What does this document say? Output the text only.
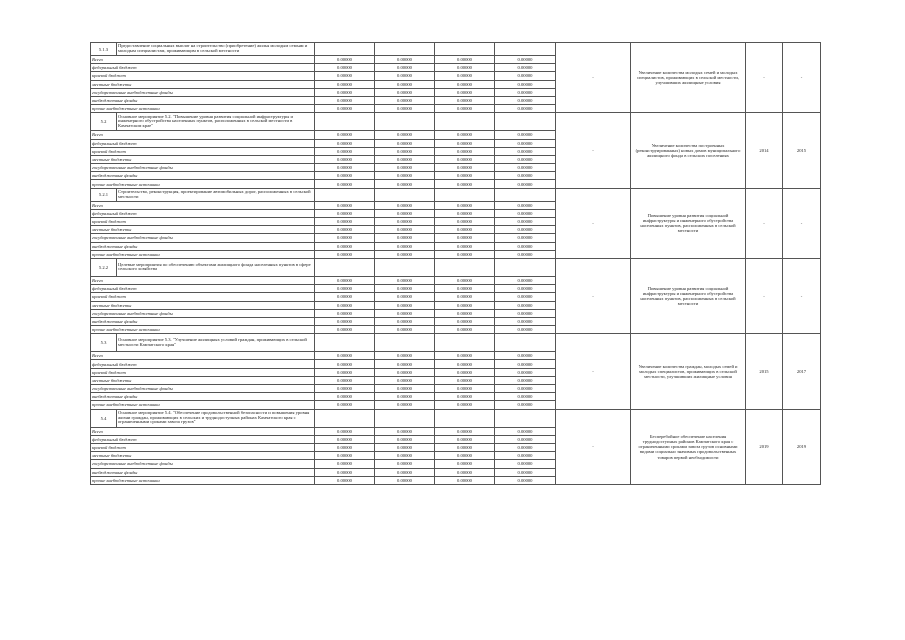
5.1.3	Предоставление социальных выплат на строительство (приобретение) жилья молодым семьям и молодым специалистам, проживающим в сельской местности					-	Увеличение количества молодых семей и молодых специалистов, проживающих в сельской местности, улучшивших жилищные условия	-	-
Всего		0.00000	0.00000	0.00000	0.00000				
федеральный бюджет		0.00000	0.00000	0.00000	0.00000				
краевой бюджет		0.00000	0.00000	0.00000	0.00000				
местные бюджеты		0.00000	0.00000	0.00000	0.00000				
государственные внебюджетные фонды		0.00000	0.00000	0.00000	0.00000				
внебюджетные фонды		0.00000	0.00000	0.00000	0.00000				
прочие внебюджетные источники		0.00000	0.00000	0.00000	0.00000				
5.2	Основное мероприятие 5.2. "Повышение уровня развития социальной инфраструктуры и инженерного обустройства населенных пунктов, расположенных в сельской местности в Камчатском крае"					-	Увеличение количества построенных (реконструированных) новых домов муниципального жилищного фонда в сельских поселениях	2014	2015
Всего		0.00000	0.00000	0.00000	0.00000				
федеральный бюджет		0.00000	0.00000	0.00000	0.00000				
краевой бюджет		0.00000	0.00000	0.00000	0.00000				
местные бюджеты		0.00000	0.00000	0.00000	0.00000				
государственные внебюджетные фонды		0.00000	0.00000	0.00000	0.00000				
внебюджетные фонды		0.00000	0.00000	0.00000	0.00000				
прочие внебюджетные источники		0.00000	0.00000	0.00000	0.00000				
5.2.1	Строительство, реконструкция, проектирование автомобильных дорог, расположенных в сельской местности					-	Повышение уровня развития социальной инфраструктуры и инженерного обустройства населенных пунктов, расположенных в сельской местности	-	-
Всего		0.00000	0.00000	0.00000	0.00000				
федеральный бюджет		0.00000	0.00000	0.00000	0.00000				
краевой бюджет		0.00000	0.00000	0.00000	0.00000				
местные бюджеты		0.00000	0.00000	0.00000	0.00000				
государственные внебюджетные фонды		0.00000	0.00000	0.00000	0.00000				
внебюджетные фонды		0.00000	0.00000	0.00000	0.00000				
прочие внебюджетные источники		0.00000	0.00000	0.00000	0.00000				
5.2.2	Целевые мероприятия по обеспечению объектами жилищного фонда населенных пунктов в сфере сельского хозяйства					-	Повышение уровня развития социальной инфраструктуры и инженерного обустройства населенных пунктов, расположенных в сельской местности	-	-
Всего		0.00000	0.00000	0.00000	0.00000				
федеральный бюджет		0.00000	0.00000	0.00000	0.00000				
краевой бюджет		0.00000	0.00000	0.00000	0.00000				
местные бюджеты		0.00000	0.00000	0.00000	0.00000				
государственные внебюджетные фонды		0.00000	0.00000	0.00000	0.00000				
внебюджетные фонды		0.00000	0.00000	0.00000	0.00000				
прочие внебюджетные источники		0.00000	0.00000	0.00000	0.00000				
5.3	Основное мероприятие 5.3. "Улучшение жилищных условий граждан, проживающих в сельской местности Камчатского края"					-	Увеличение количества граждан, молодых семей и молодых специалистов, проживающих в сельской местности, улучшивших жилищные условия	2015	2017
Всего		0.00000	0.00000	0.00000	0.00000				
федеральный бюджет		0.00000	0.00000	0.00000	0.00000				
краевой бюджет		0.00000	0.00000	0.00000	0.00000				
местные бюджеты		0.00000	0.00000	0.00000	0.00000				
государственные внебюджетные фонды		0.00000	0.00000	0.00000	0.00000				
внебюджетные фонды		0.00000	0.00000	0.00000	0.00000				
прочие внебюджетные источники		0.00000	0.00000	0.00000	0.00000				
5.4	Основное мероприятие 5.4. "Обеспечение продовольственной безопасности и повышения уровня жизни граждан, проживающих в сельских и труднодоступных районах Камчатского края с ограниченными сроками завоза грузов"					-	Бесперебойное обеспечение населения труднодоступных районов Камчатского края с ограниченными сроками завоза грузов основными видами социально значимых продовольственных товаров первой необходимости	2019	2019
Всего		0.00000	0.00000	0.00000	0.00000				
федеральный бюджет		0.00000	0.00000	0.00000	0.00000				
краевой бюджет		0.00000	0.00000	0.00000	0.00000				
местные бюджеты		0.00000	0.00000	0.00000	0.00000				
государственные внебюджетные фонды		0.00000	0.00000	0.00000	0.00000				
внебюджетные фонды		0.00000	0.00000	0.00000	0.00000				
прочие внебюджетные источники		0.00000	0.00000	0.00000	0.00000				
